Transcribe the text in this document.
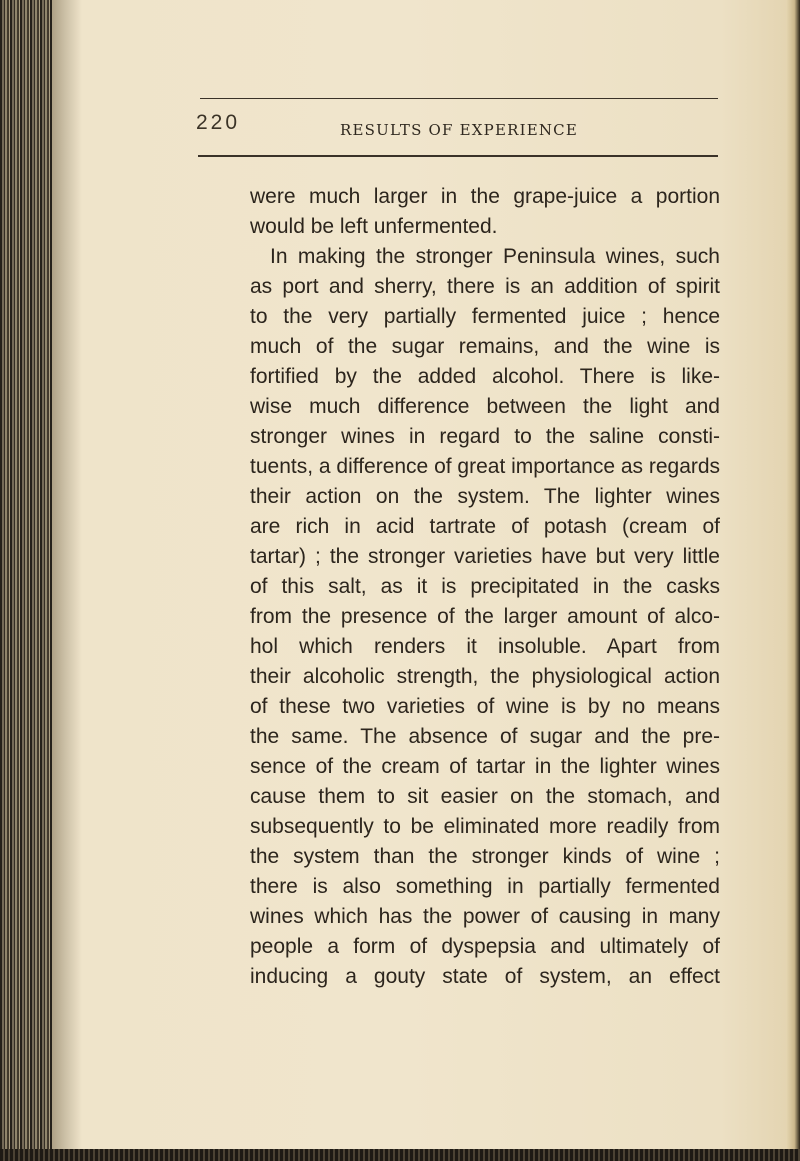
220	RESULTS OF EXPERIENCE
were much larger in the grape-juice a portion
would be left unfermented.
In making the stronger Peninsula wines, such
as port and sherry, there is an addition of spirit
to the very partially fermented juice ; hence
much of the sugar remains, and the wine is
fortified by the added alcohol. There is like-
wise much difference between the light and
stronger wines in regard to the saline consti-
tuents, a difference of great importance as regards
their action on the system. The lighter wines
are rich in acid tartrate of potash (cream of
tartar) ; the stronger varieties have but very little
of this salt, as it is precipitated in the casks
from the presence of the larger amount of alco-
hol which renders it insoluble. Apart from
their alcoholic strength, the physiological action
of these two varieties of wine is by no means
the same. The absence of sugar and the pre-
sence of the cream of tartar in the lighter wines
cause them to sit easier on the stomach, and
subsequently to be eliminated more readily from
the system than the stronger kinds of wine ;
there is also something in partially fermented
wines which has the power of causing in many
people a form of dyspepsia and ultimately of
inducing a gouty state of system, an effect
